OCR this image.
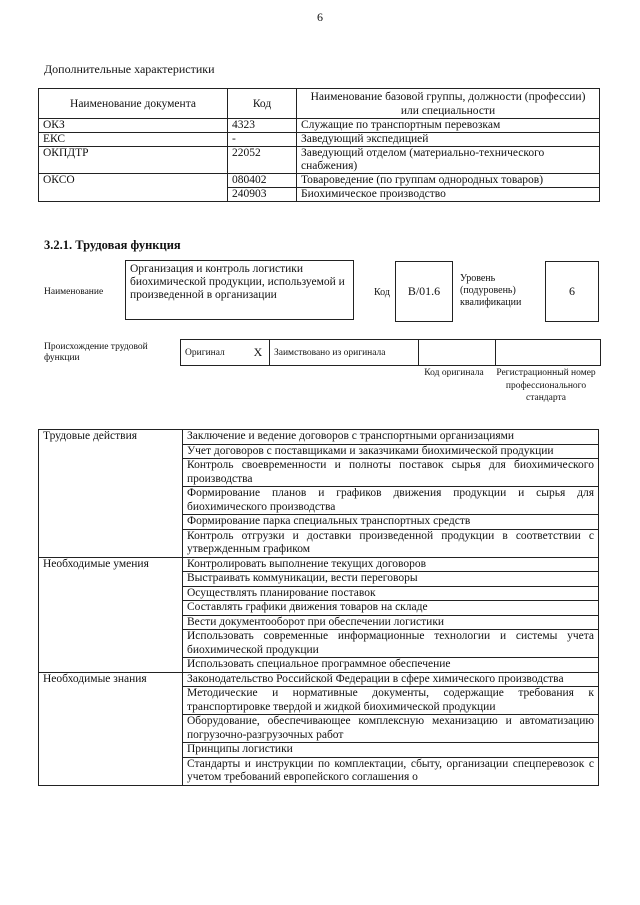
6
Дополнительные характеристики
Наименование документа	Код	Наименование базовой группы, должности (профессии) или специальности
ОКЗ	4323	Служащие по транспортным перевозкам
ЕКС	-	Заведующий экспедицией
ОКПДТР	22052	Заведующий отделом (материально-технического снабжения)
ОКСО	080402	Товароведение (по группам однородных товаров)
	240903	Биохимическое производство
3.2.1. Трудовая функция
Наименование
Организация и контроль логистики биохимической продукции, используемой и произведенной в организации	Код	В/01.6
Уровень (подуровень) квалификации
6
Происхождение трудовой функции
Оригинал	X	Заимствовано из оригинала		
Код оригинала	Регистрационный номер профессионального стандарта
Трудовые действия	Заключение и ведение договоров с транспортными организациями
	Учет договоров с поставщиками и заказчиками биохимической продукции
	Контроль своевременности и полноты поставок сырья для биохимического производства
	Формирование планов и графиков движения продукции и сырья для биохимического производства
	Формирование парка специальных транспортных средств
	Контроль отгрузки и доставки произведенной продукции в соответствии с утвержденным графиком
Необходимые умения	Контролировать выполнение текущих договоров
	Выстраивать коммуникации, вести переговоры
	Осуществлять планирование поставок
	Составлять графики движения товаров на складе
	Вести документооборот при обеспечении логистики
	Использовать современные информационные технологии и системы учета биохимической продукции
	Использовать специальное программное обеспечение
Необходимые знания	Законодательство Российской Федерации в сфере химического производства
	Методические и нормативные документы, содержащие требования к транспортировке твердой и жидкой биохимической продукции
	Оборудование, обеспечивающее комплексную механизацию и автоматизацию погрузочно-разгрузочных работ
	Принципы логистики
	Стандарты и инструкции по комплектации, сбыту, организации спецперевозок с учетом требований европейского соглашения о
